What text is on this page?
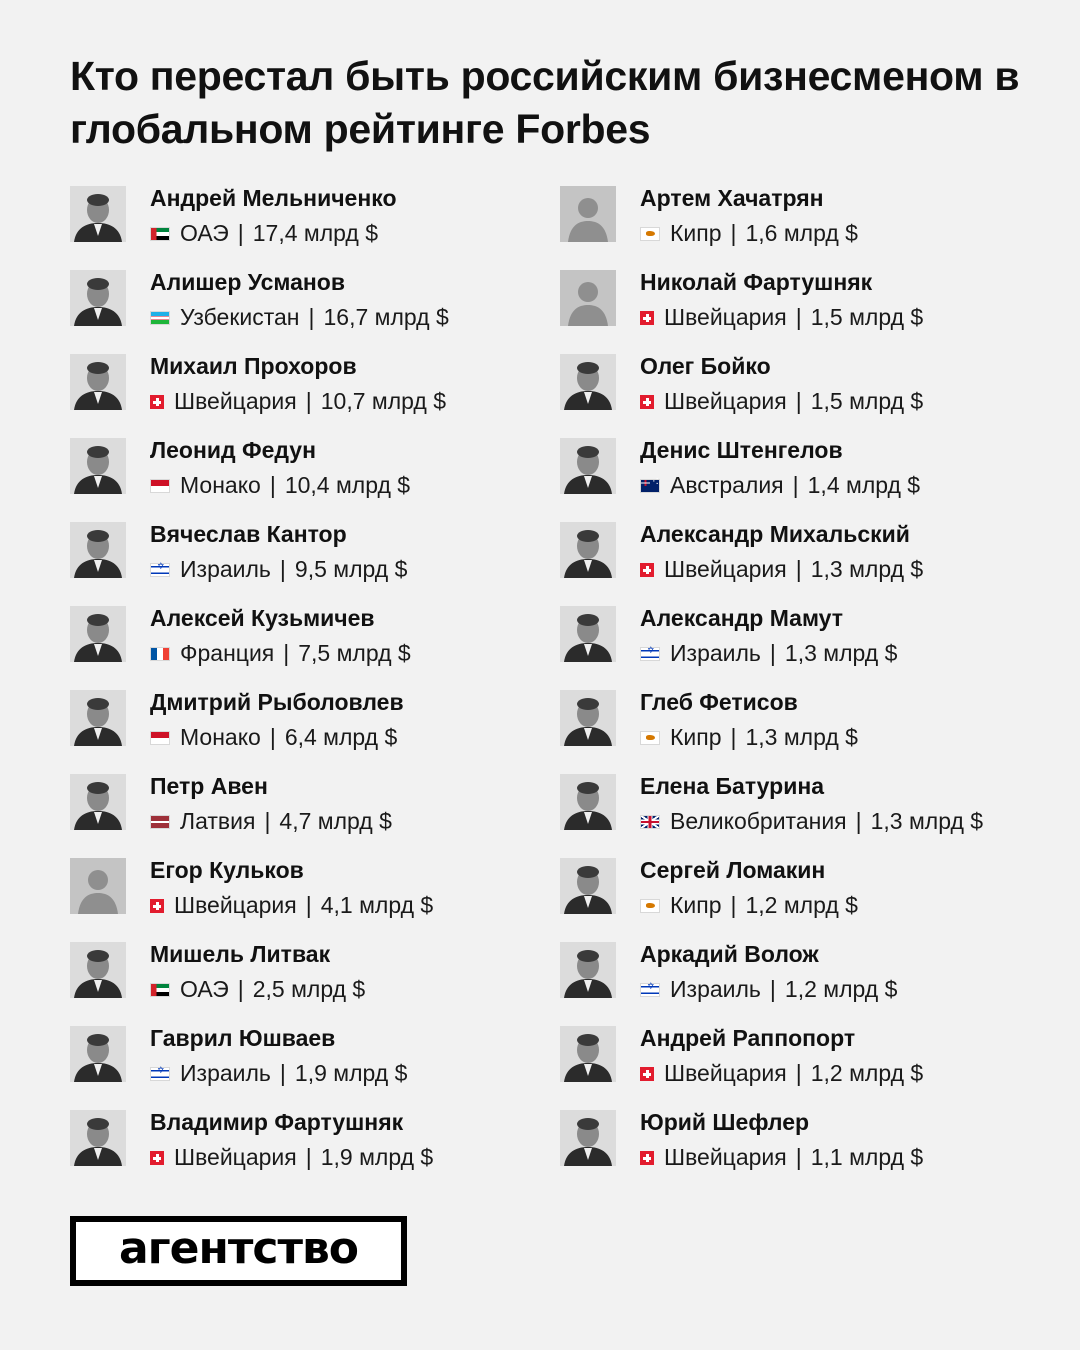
Кто перестал быть российским бизнесменом в глобальном рейтинге Forbes
Андрей Мельниченко
ОАЭ | 17,4 млрд $
Алишер Усманов
Узбекистан | 16,7 млрд $
Михаил Прохоров
Швейцария | 10,7 млрд $
Леонид Федун
Монако | 10,4 млрд $
Вячеслав Кантор
✡
Израиль | 9,5 млрд $
Алексей Кузьмичев
Франция | 7,5 млрд $
Дмитрий Рыболовлев
Монако | 6,4 млрд $
Петр Авен
Латвия | 4,7 млрд $
Егор Кульков
Швейцария | 4,1 млрд $
Мишель Литвак
ОАЭ | 2,5 млрд $
Гаврил Юшваев
✡
Израиль | 1,9 млрд $
Владимир Фартушняк
Швейцария | 1,9 млрд $
Артем Хачатрян
Кипр | 1,6 млрд $
Николай Фартушняк
Швейцария | 1,5 млрд $
Олег Бойко
Швейцария | 1,5 млрд $
Денис Штенгелов
·:
Австралия | 1,4 млрд $
Александр Михальский
Швейцария | 1,3 млрд $
Александр Мамут
✡
Израиль | 1,3 млрд $
Глеб Фетисов
Кипр | 1,3 млрд $
Елена Батурина
Великобритания | 1,3 млрд $
Сергей Ломакин
Кипр | 1,2 млрд $
Аркадий Волож
✡
Израиль | 1,2 млрд $
Андрей Раппопорт
Швейцария | 1,2 млрд $
Юрий Шефлер
Швейцария | 1,1 млрд $
агентство
